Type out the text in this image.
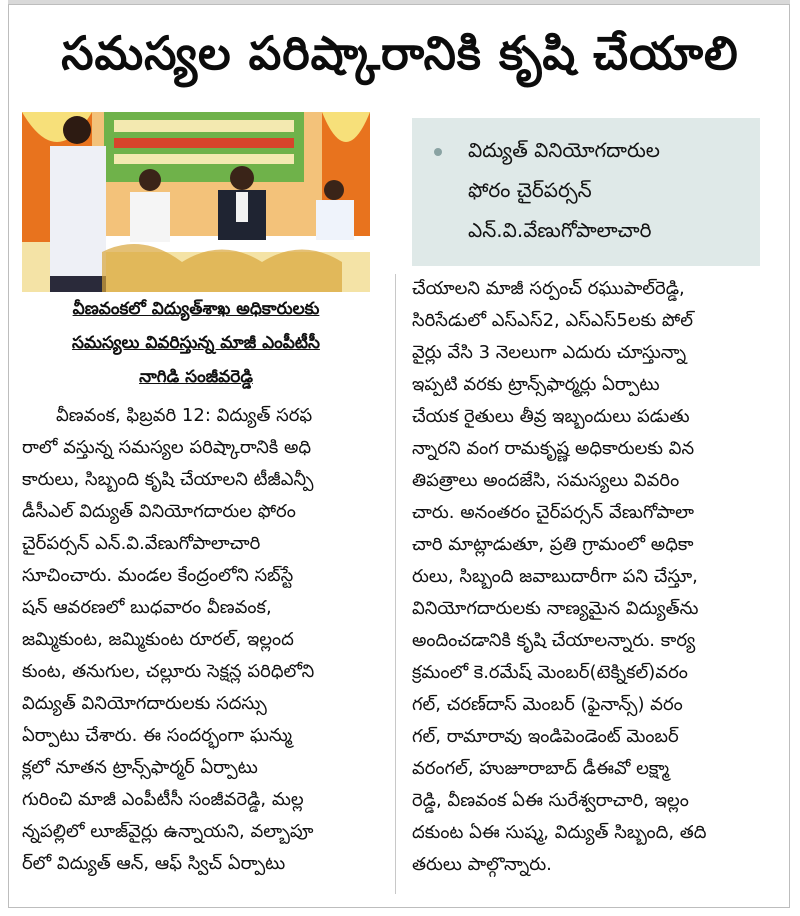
సమస్యల పరిష్కారానికి కృషి చేయాలి
వీణవంకలో విద్యుత్‌శాఖ అధికారులకు
సమస్యలు వివరిస్తున్న మాజీ ఎంపీటీసీ
నాగిడి సంజీవరెడ్డి
విద్యుత్ వినియోగదారుల
ఫోరం చైర్‌పర్సన్
ఎన్.వి.వేణుగోపాలాచారి
వీణవంక, ఫిబ్రవరి 12: విద్యుత్ సరఫ
రాలో వస్తున్న సమస్యల పరిష్కారానికి అధి
కారులు, సిబ్బంది కృషి చేయాలని టీజీఎన్పీ
డీసీఎల్ విద్యుత్ వినియోగదారుల ఫోరం
చైర్‌పర్సన్ ఎన్.వి.వేణుగోపాలాచారి
సూచించారు. మండల కేంద్రంలోని సబ్‌స్టే
షన్ ఆవరణలో బుధవారం వీణవంక,
జమ్మికుంట, జమ్మికుంట రూరల్, ఇల్లంద
కుంట, తనుగుల, చల్లూరు సెక్షన్ల పరిధిలోని
విద్యుత్ వినియోగదారులకు సదస్సు
ఏర్పాటు చేశారు. ఈ సందర్భంగా ఘన్ము
క్లలో నూతన ట్రాన్స్‌ఫార్మర్ ఏర్పాటు
గురించి మాజీ ఎంపీటీసీ సంజీవరెడ్డి, మల్ల
న్నపల్లిలో లూజ్‌వైర్లు ఉన్నాయని, వల్బాపూ
ర్‌లో విద్యుత్ ఆన్, ఆఫ్ స్విచ్ ఏర్పాటు
చేయాలని మాజీ సర్పంచ్ రఘుపాల్‌రెడ్డి,
సిరిసేడులో ఎస్ఎస్2, ఎస్ఎస్5లకు పోల్
వైర్లు వేసి 3 నెలలుగా ఎదురు చూస్తున్నా
ఇప్పటి వరకు ట్రాన్స్‌ఫార్మర్లు ఏర్పాటు
చేయక రైతులు తీవ్ర ఇబ్బందులు పడుతు
న్నారని వంగ రామకృష్ణ అధికారులకు విన
తిపత్రాలు అందజేసి, సమస్యలు వివరిం
చారు. అనంతరం చైర్‌పర్సన్ వేణుగోపాలా
చారి మాట్లాడుతూ, ప్రతి గ్రామంలో అధికా
రులు, సిబ్బంది జవాబుదారీగా పని చేస్తూ,
వినియోగదారులకు నాణ్యమైన విద్యుత్‌ను
అందించడానికి కృషి చేయాలన్నారు. కార్య
క్రమంలో కె.రమేష్ మెంబర్(టెక్నికల్)వరం
గల్, చరణ్‌దాస్ మెంబర్ (ఫైనాన్స్) వరం
గల్, రామారావు ఇండిపెండెంట్ మెంబర్
వరంగల్, హుజూరాబాద్ డీఈవో లక్ష్మా
రెడ్డి, వీణవంక ఏఈ సురేశ్వరాచారి, ఇల్లం
దకుంట ఏఈ సుష్మ, విద్యుత్ సిబ్బంది, తది
తరులు పాల్గొన్నారు.
